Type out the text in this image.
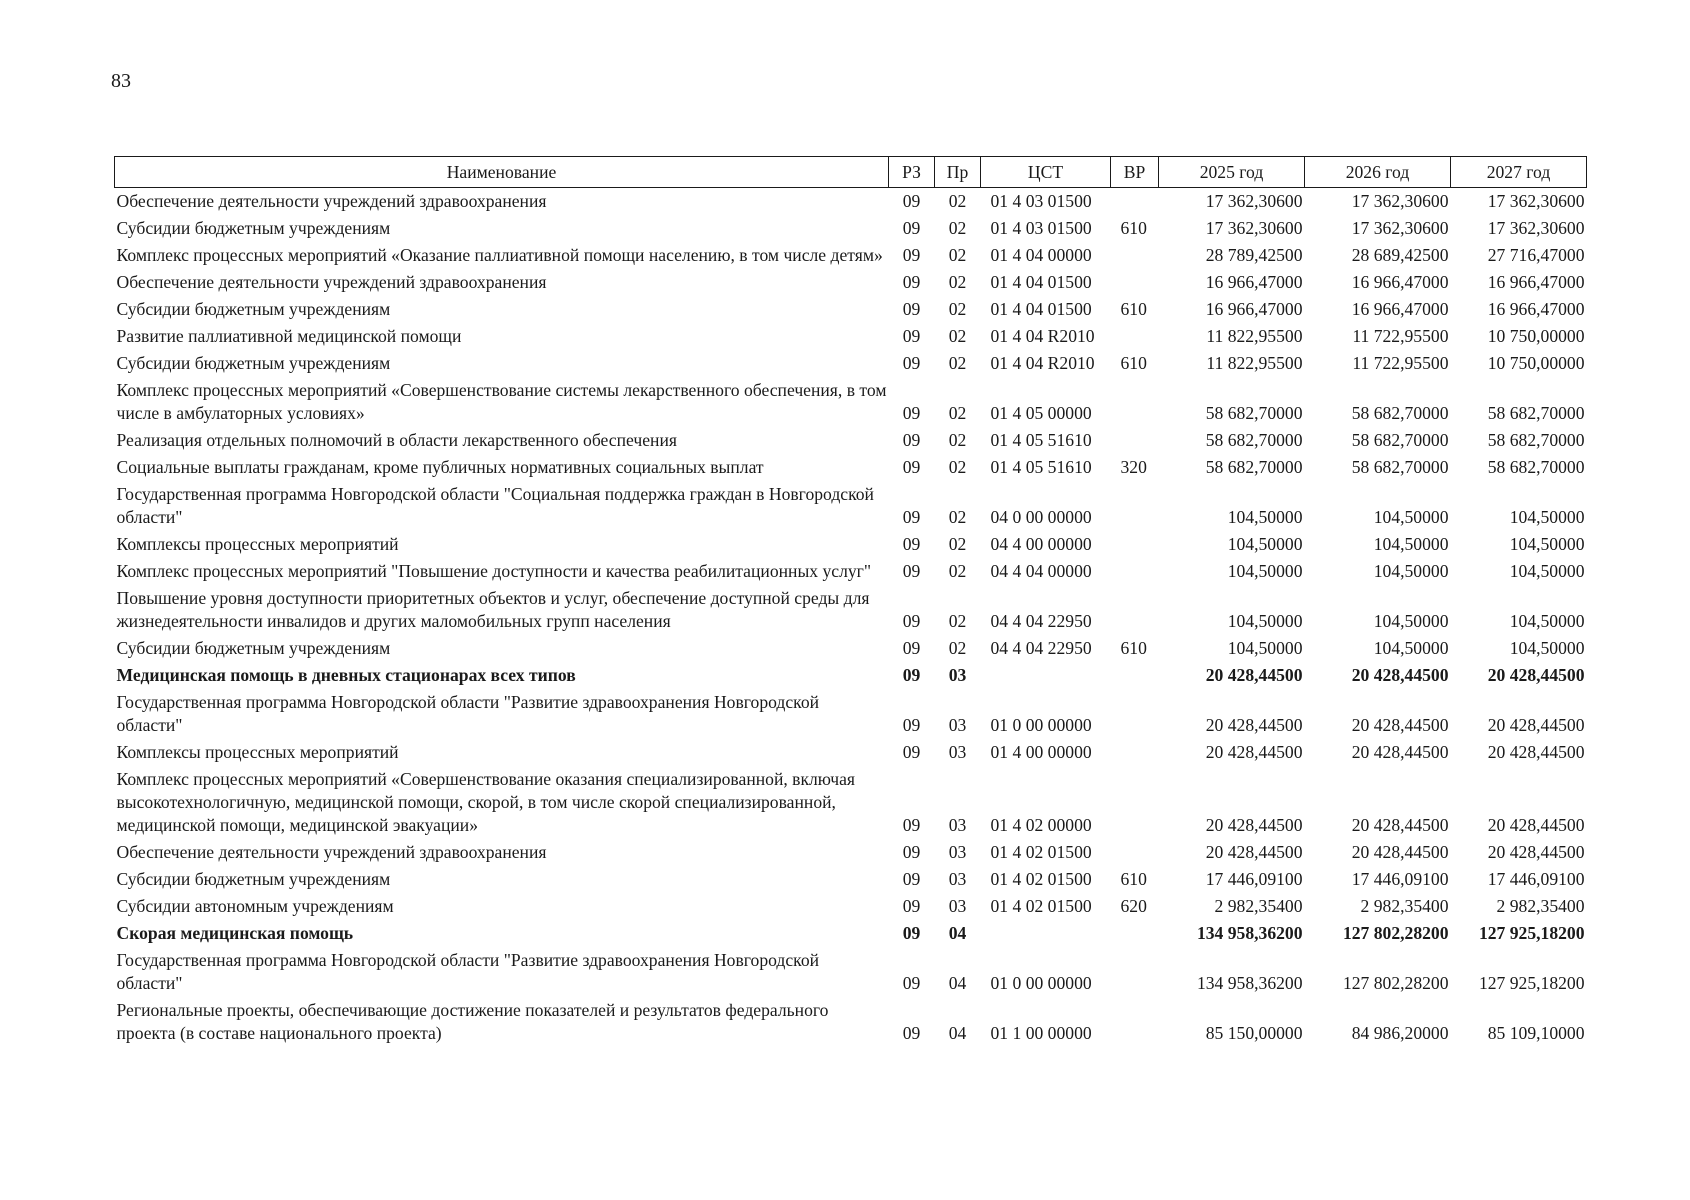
83
Наименование	РЗ	Пр	ЦСТ	ВР	2025 год	2026 год	2027 год
Обеспечение деятельности учреждений здравоохранения	09	02	01 4 03 01500		17 362,30600	17 362,30600	17 362,30600
Субсидии бюджетным учреждениям	09	02	01 4 03 01500	610	17 362,30600	17 362,30600	17 362,30600
Комплекс процессных мероприятий «Оказание паллиативной помощи населению, в том числе детям»	09	02	01 4 04 00000		28 789,42500	28 689,42500	27 716,47000
Обеспечение деятельности учреждений здравоохранения	09	02	01 4 04 01500		16 966,47000	16 966,47000	16 966,47000
Субсидии бюджетным учреждениям	09	02	01 4 04 01500	610	16 966,47000	16 966,47000	16 966,47000
Развитие паллиативной медицинской помощи	09	02	01 4 04 R2010		11 822,95500	11 722,95500	10 750,00000
Субсидии бюджетным учреждениям	09	02	01 4 04 R2010	610	11 822,95500	11 722,95500	10 750,00000
Комплекс процессных мероприятий «Совершенствование системы лекарственного обеспечения, в том числе в амбулаторных условиях»	09	02	01 4 05 00000		58 682,70000	58 682,70000	58 682,70000
Реализация отдельных полномочий в области лекарственного обеспечения	09	02	01 4 05 51610		58 682,70000	58 682,70000	58 682,70000
Социальные выплаты гражданам, кроме публичных нормативных социальных выплат	09	02	01 4 05 51610	320	58 682,70000	58 682,70000	58 682,70000
Государственная программа Новгородской области "Социальная поддержка граждан в Новгородской области"	09	02	04 0 00 00000		104,50000	104,50000	104,50000
Комплексы процессных мероприятий	09	02	04 4 00 00000		104,50000	104,50000	104,50000
Комплекс процессных мероприятий "Повышение доступности и качества реабилитационных услуг"	09	02	04 4 04 00000		104,50000	104,50000	104,50000
Повышение уровня доступности приоритетных объектов и услуг, обеспечение доступной среды для жизнедеятельности инвалидов и других маломобильных групп населения	09	02	04 4 04 22950		104,50000	104,50000	104,50000
Субсидии бюджетным учреждениям	09	02	04 4 04 22950	610	104,50000	104,50000	104,50000
Медицинская помощь в дневных стационарах всех типов	09	03			20 428,44500	20 428,44500	20 428,44500
Государственная программа Новгородской области "Развитие здравоохранения Новгородской области"	09	03	01 0 00 00000		20 428,44500	20 428,44500	20 428,44500
Комплексы процессных мероприятий	09	03	01 4 00 00000		20 428,44500	20 428,44500	20 428,44500
Комплекс процессных мероприятий «Совершенствование оказания специализированной, включая высокотехнологичную, медицинской помощи, скорой, в том числе скорой специализированной, медицинской помощи, медицинской эвакуации»	09	03	01 4 02 00000		20 428,44500	20 428,44500	20 428,44500
Обеспечение деятельности учреждений здравоохранения	09	03	01 4 02 01500		20 428,44500	20 428,44500	20 428,44500
Субсидии бюджетным учреждениям	09	03	01 4 02 01500	610	17 446,09100	17 446,09100	17 446,09100
Субсидии автономным учреждениям	09	03	01 4 02 01500	620	2 982,35400	2 982,35400	2 982,35400
Скорая медицинская помощь	09	04			134 958,36200	127 802,28200	127 925,18200
Государственная программа Новгородской области "Развитие здравоохранения Новгородской области"	09	04	01 0 00 00000		134 958,36200	127 802,28200	127 925,18200
Региональные проекты, обеспечивающие достижение показателей и результатов федерального проекта (в составе национального проекта)	09	04	01 1 00 00000		85 150,00000	84 986,20000	85 109,10000
